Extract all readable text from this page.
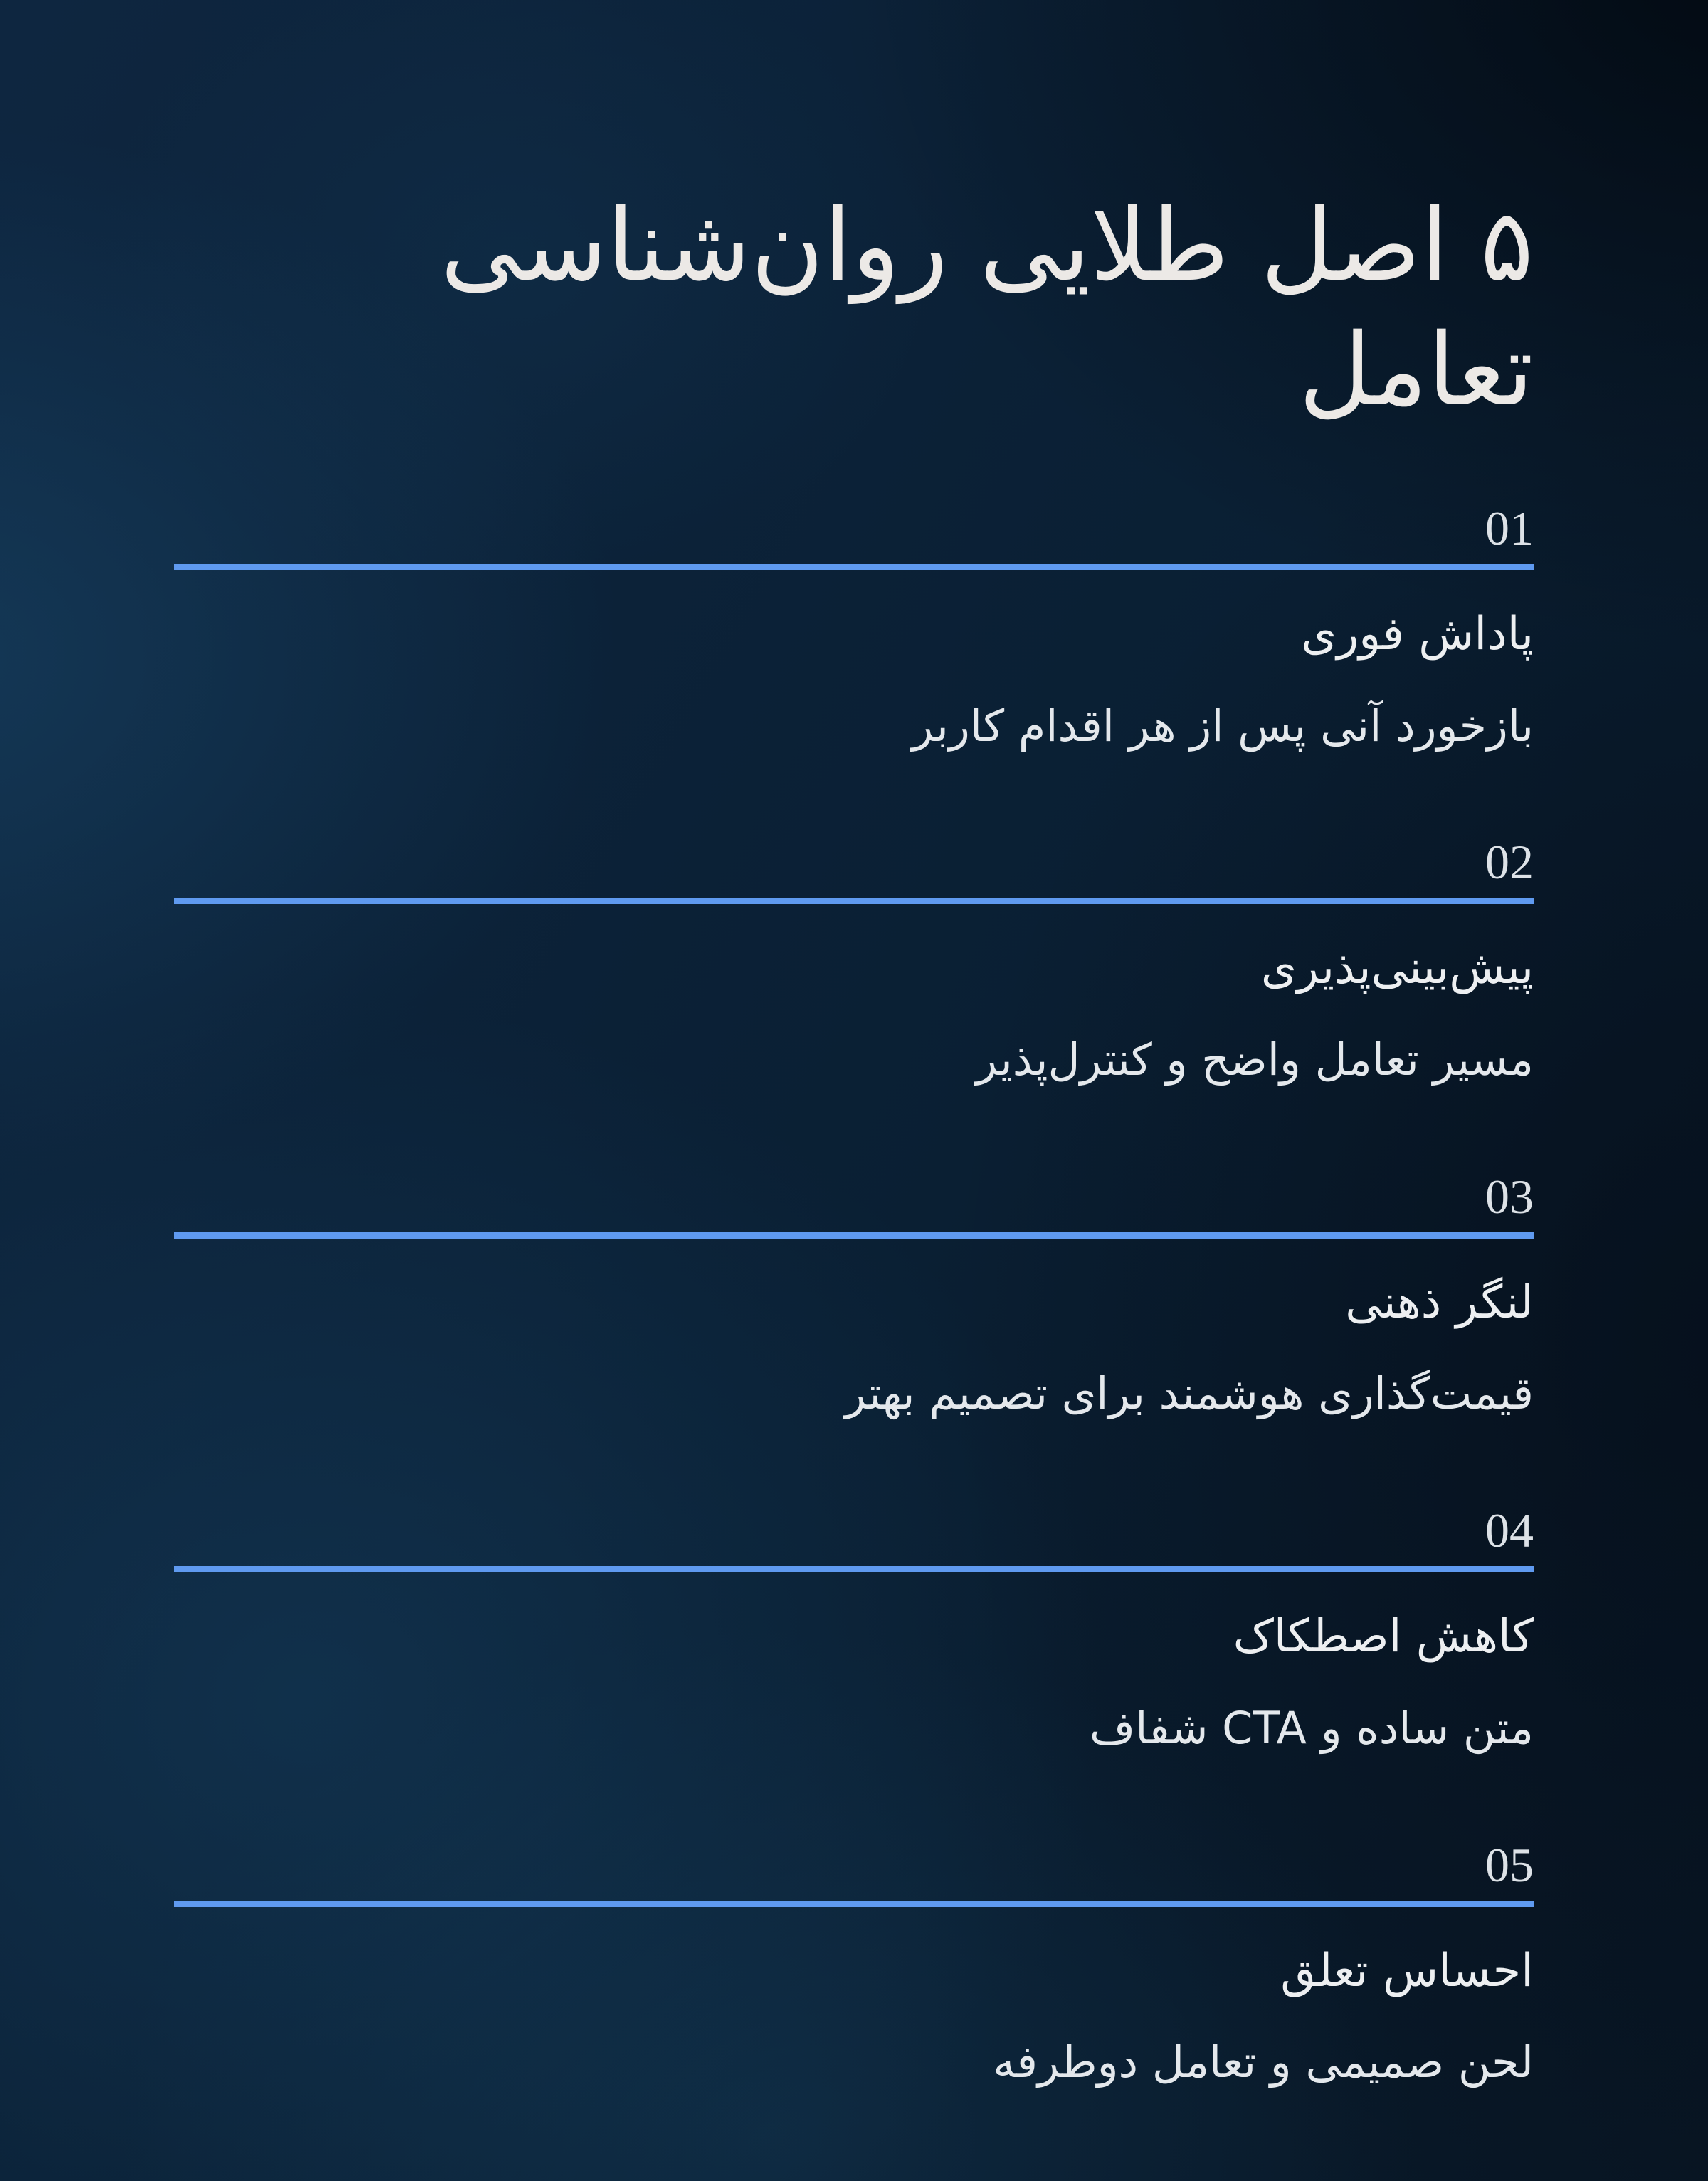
۵ اصل طلایی روان‌شناسی تعامل
01
پاداش فوری
بازخورد آنی پس از هر اقدام کاربر
02
پیش‌بینی‌پذیری
مسیر تعامل واضح و کنترل‌پذیر
03
لنگر ذهنی
قیمت‌گذاری هوشمند برای تصمیم بهتر
04
کاهش اصطکاک
متن ساده و CTA شفاف
05
احساس تعلق
لحن صمیمی و تعامل دوطرفه
